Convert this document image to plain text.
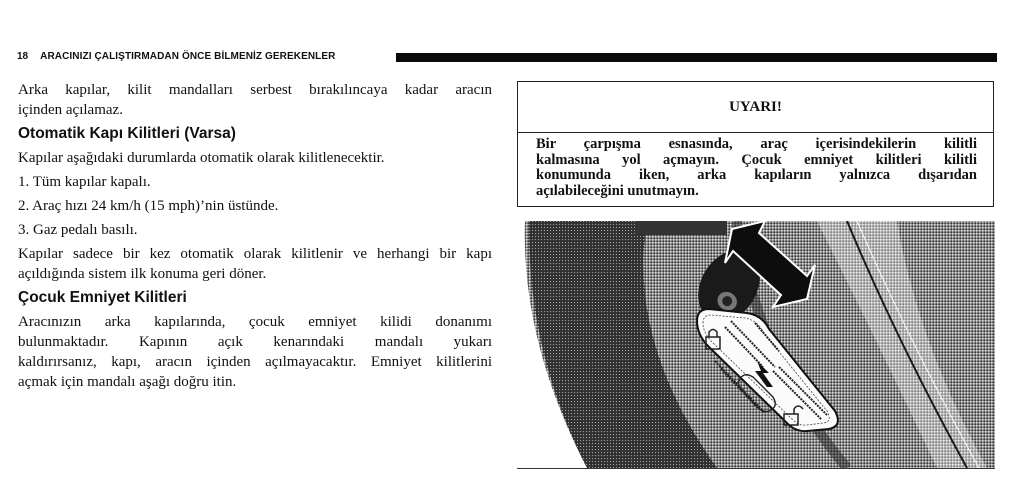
18 ARACINIZI ÇALIŞTIRMADAN ÖNCE BİLMENİZ GEREKENLER

Arka kapılar, kilit mandalları serbest bırakılıncaya kadar aracın

içinden açılamaz.

Otomatik Kapı Kilitleri (Varsa)

Kapılar aşağıdaki durumlarda otomatik olarak kilitlenecektir.

1. Tüm kapılar kapalı.

2. Araç hızı 24 km/h (15 mph)’nin üstünde.

3. Gaz pedalı basılı.

Kapılar sadece bir kez otomatik olarak kilitlenir ve herhangi bir kapı

açıldığında sistem ilk konuma geri döner.

Çocuk Emniyet Kilitleri

Aracınızın arka kapılarında, çocuk emniyet kilidi donanımı

bulunmaktadır. Kapının açık kenarındaki mandalı yukarı

kaldırırsanız, kapı, aracın içinden açılmayacaktır. Emniyet kilitlerini

açmak için mandalı aşağı doğru itin.

UYARI!
Bir çarpışma esnasında, araç içerisindekilerin kilitli
kalmasına yol açmayın. Çocuk emniyet kilitleri kilitli
konumunda iken, arka kapıların yalnızca dışarıdan
açılabileceğini unutmayın.
